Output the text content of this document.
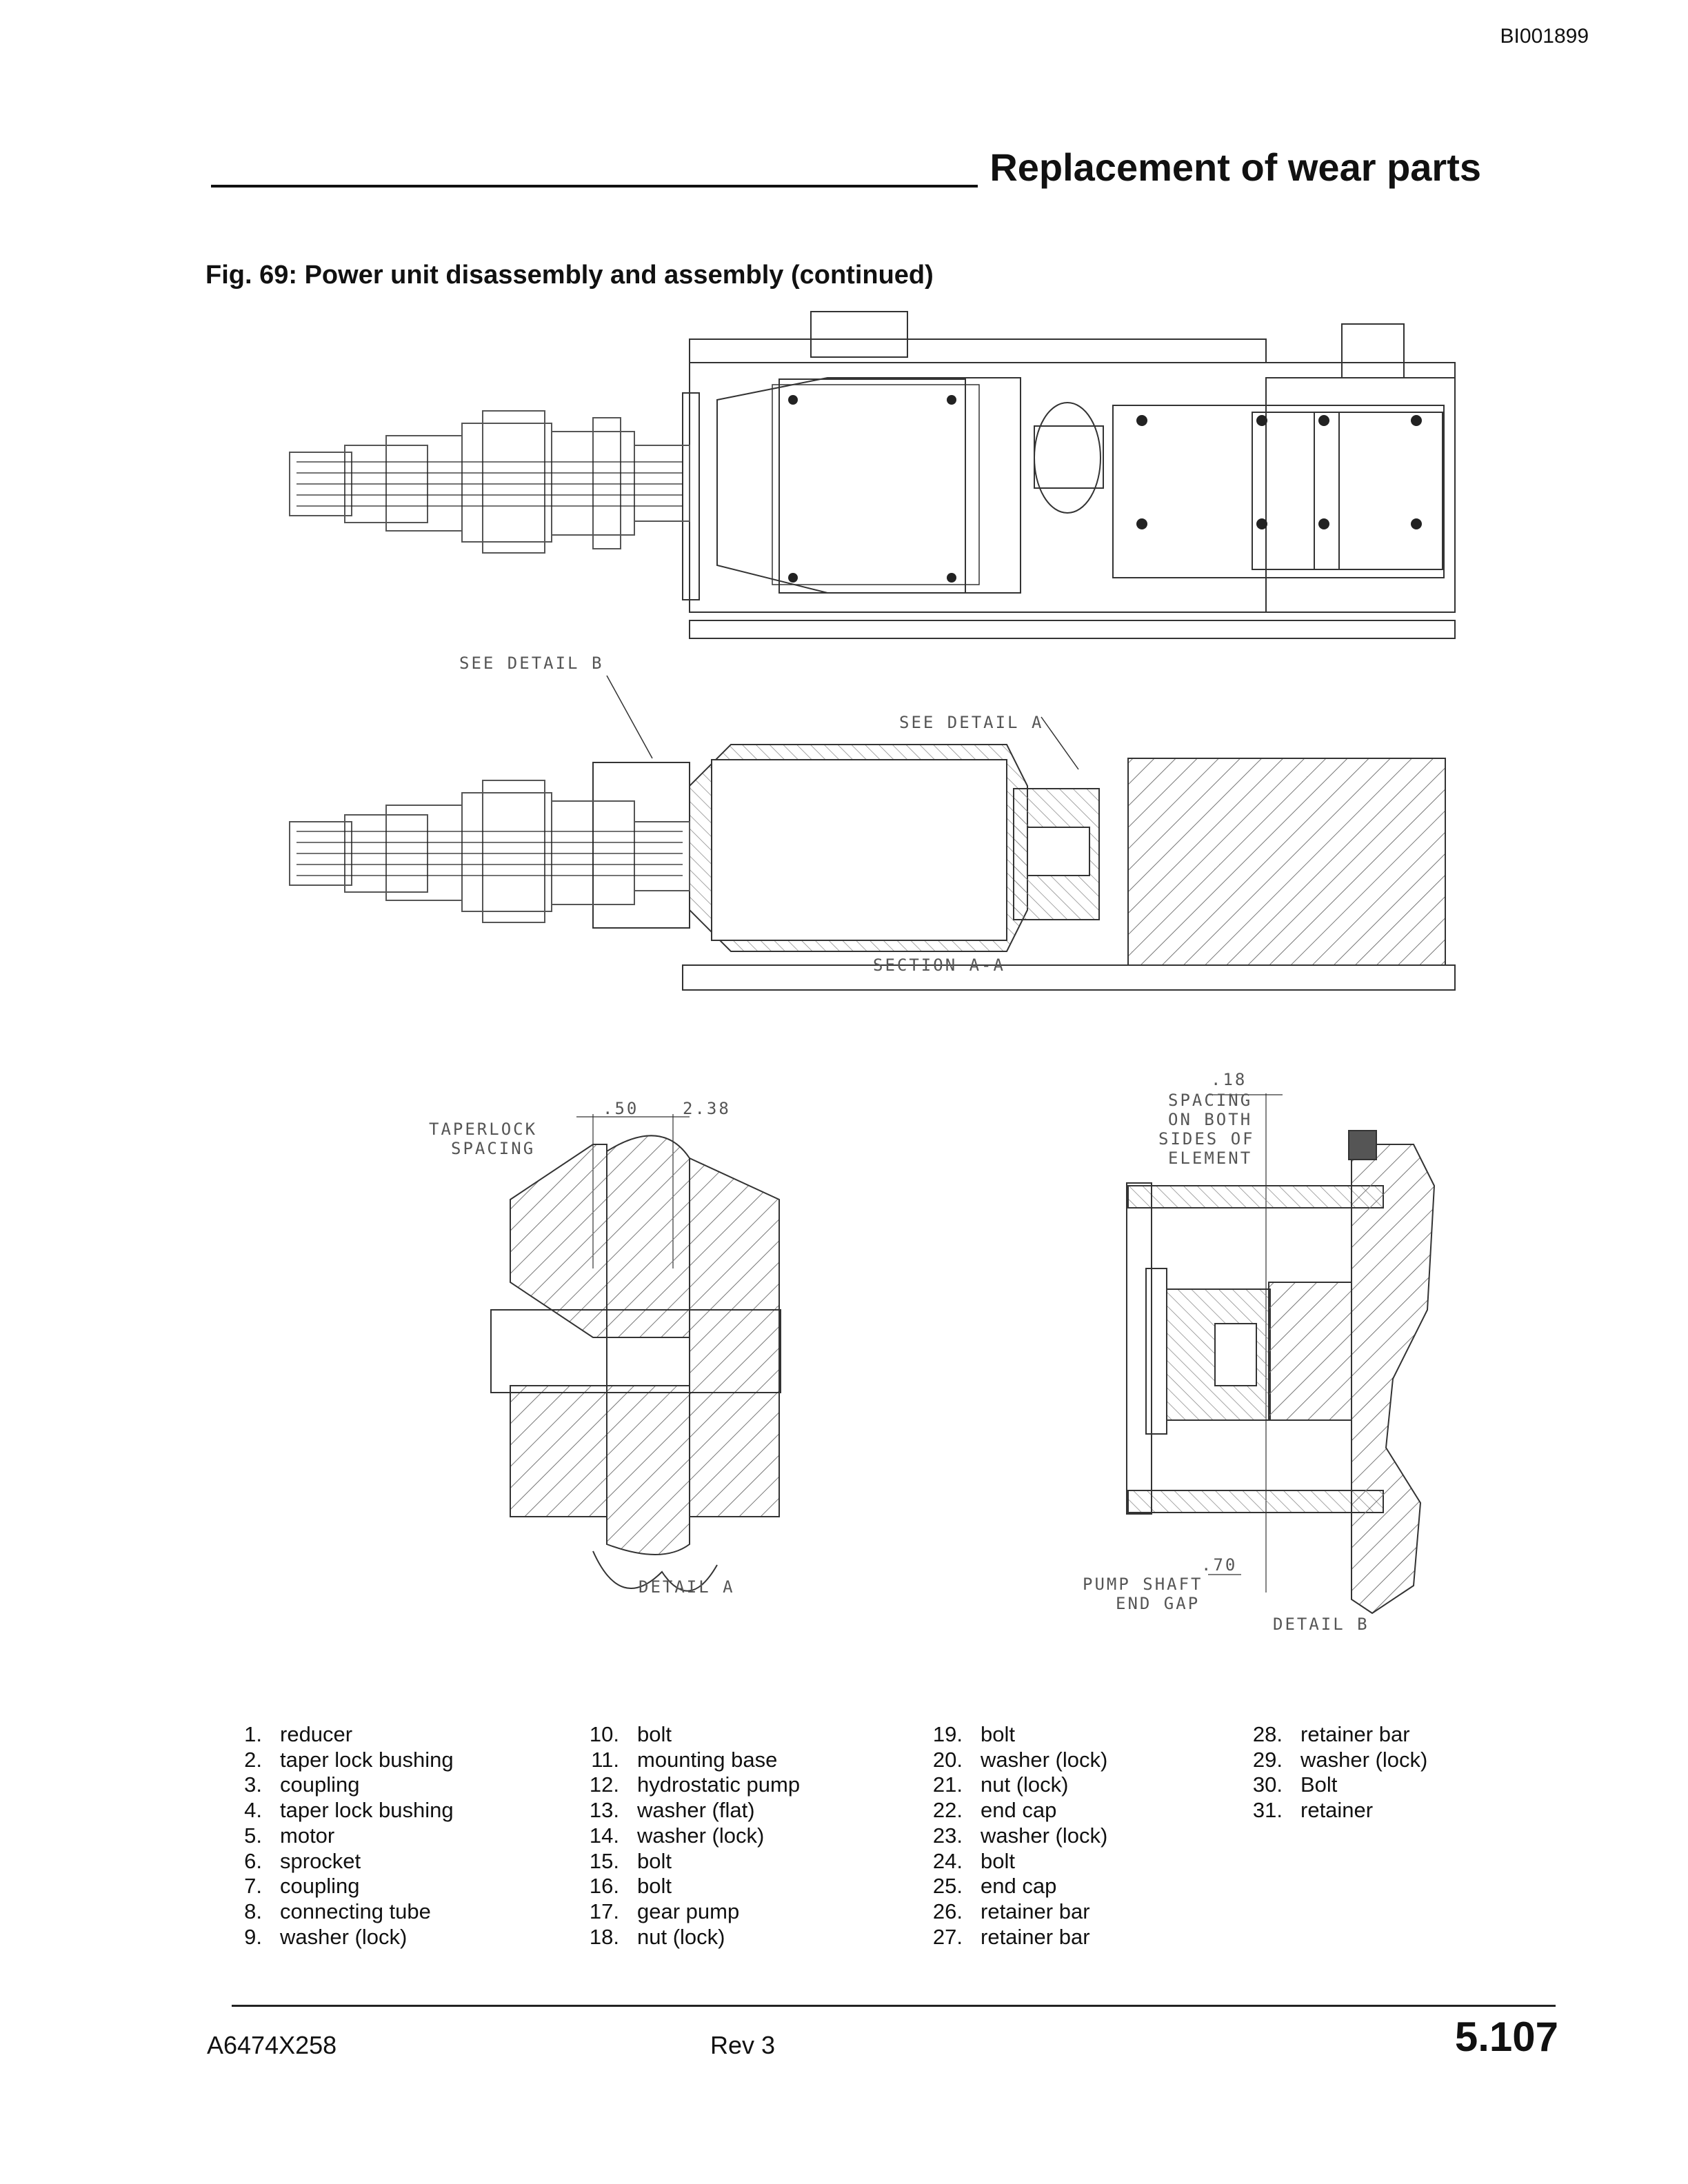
BI001899
Replacement of wear parts
Fig. 69: Power unit disassembly and assembly (continued)
SEE DETAIL B
SEE DETAIL A
SECTION A-A
.50	2.38
TAPERLOCK
SPACING
DETAIL A
.18
SPACING
ON BOTH
SIDES OF
ELEMENT
.70
PUMP SHAFT
END GAP
DETAIL B
1. reducer
2. taper lock bushing
3. coupling
4. taper lock bushing
5. motor
6. sprocket
7. coupling
8. connecting tube
9. washer (lock)
10. bolt
11. mounting base
12. hydrostatic pump
13. washer (flat)
14. washer (lock)
15. bolt
16. bolt
17. gear pump
18. nut (lock)
19. bolt
20. washer (lock)
21. nut (lock)
22. end cap
23. washer (lock)
24. bolt
25. end cap
26. retainer bar
27. retainer bar
28. retainer bar
29. washer (lock)
30. Bolt
31. retainer
A6474X258	Rev 3	5.107
